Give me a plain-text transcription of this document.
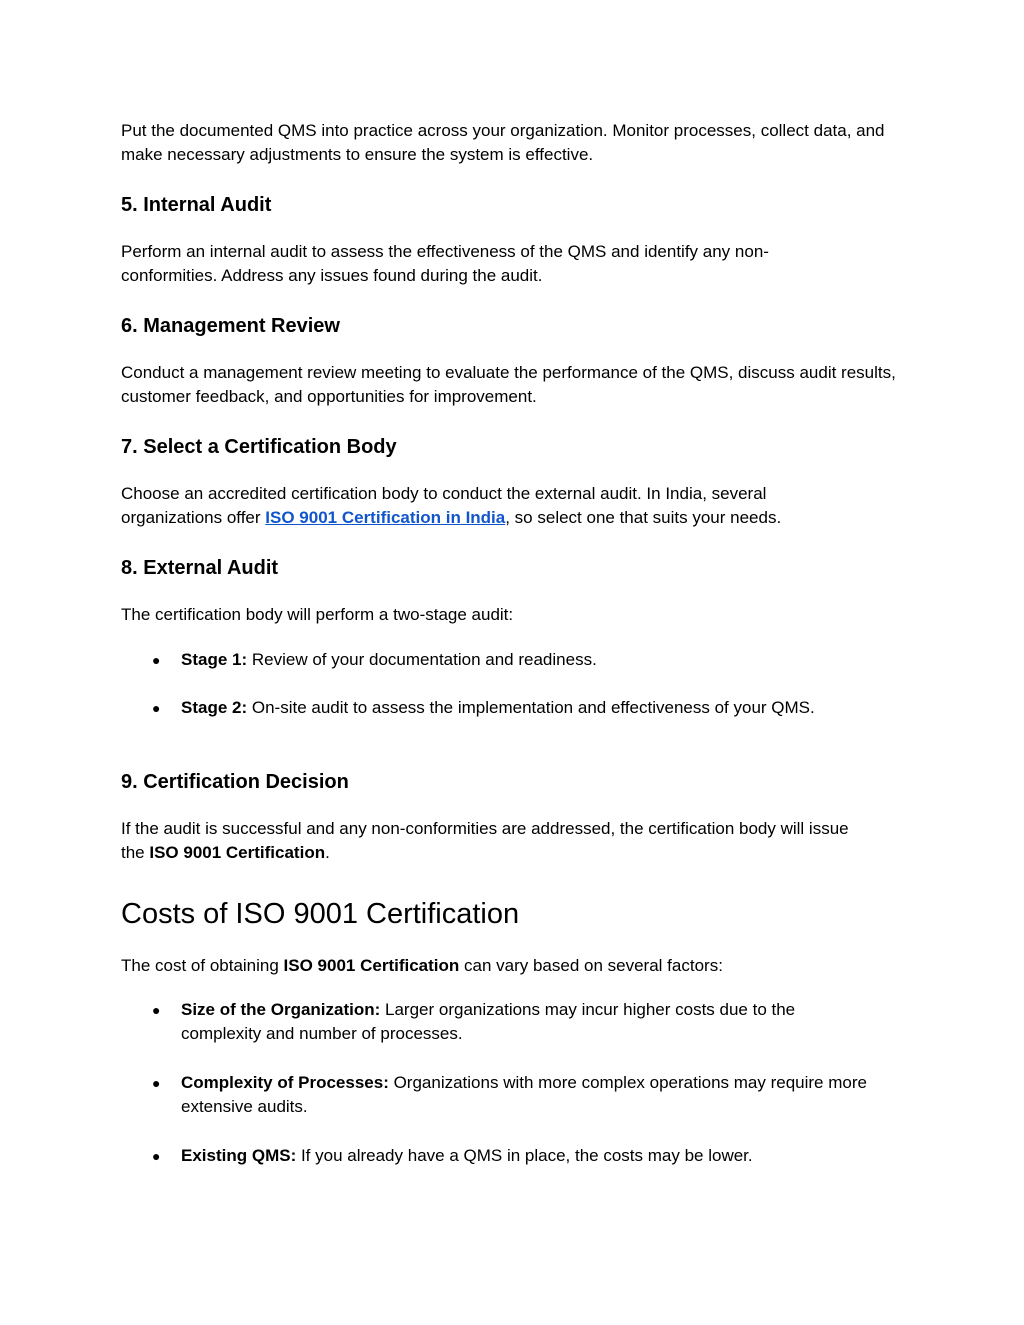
Put the documented QMS into practice across your organization. Monitor processes, collect data, and make necessary adjustments to ensure the system is effective.

5. Internal Audit

Perform an internal audit to assess the effectiveness of the QMS and identify any non-conformities. Address any issues found during the audit.

6. Management Review

Conduct a management review meeting to evaluate the performance of the QMS, discuss audit results, customer feedback, and opportunities for improvement.

7. Select a Certification Body

Choose an accredited certification body to conduct the external audit. In India, several organizations offer ISO 9001 Certification in India, so select one that suits your needs.

8. External Audit

The certification body will perform a two-stage audit:

●	Stage 1: Review of your documentation and readiness.
●	Stage 2: On-site audit to assess the implementation and effectiveness of your QMS.
9. Certification Decision

If the audit is successful and any non-conformities are addressed, the certification body will issue the ISO 9001 Certification.

Costs of ISO 9001 Certification

The cost of obtaining ISO 9001 Certification can vary based on several factors:

●	Size of the Organization: Larger organizations may incur higher costs due to the complexity and number of processes.
●	Complexity of Processes: Organizations with more complex operations may require more extensive audits.
●	Existing QMS: If you already have a QMS in place, the costs may be lower.
